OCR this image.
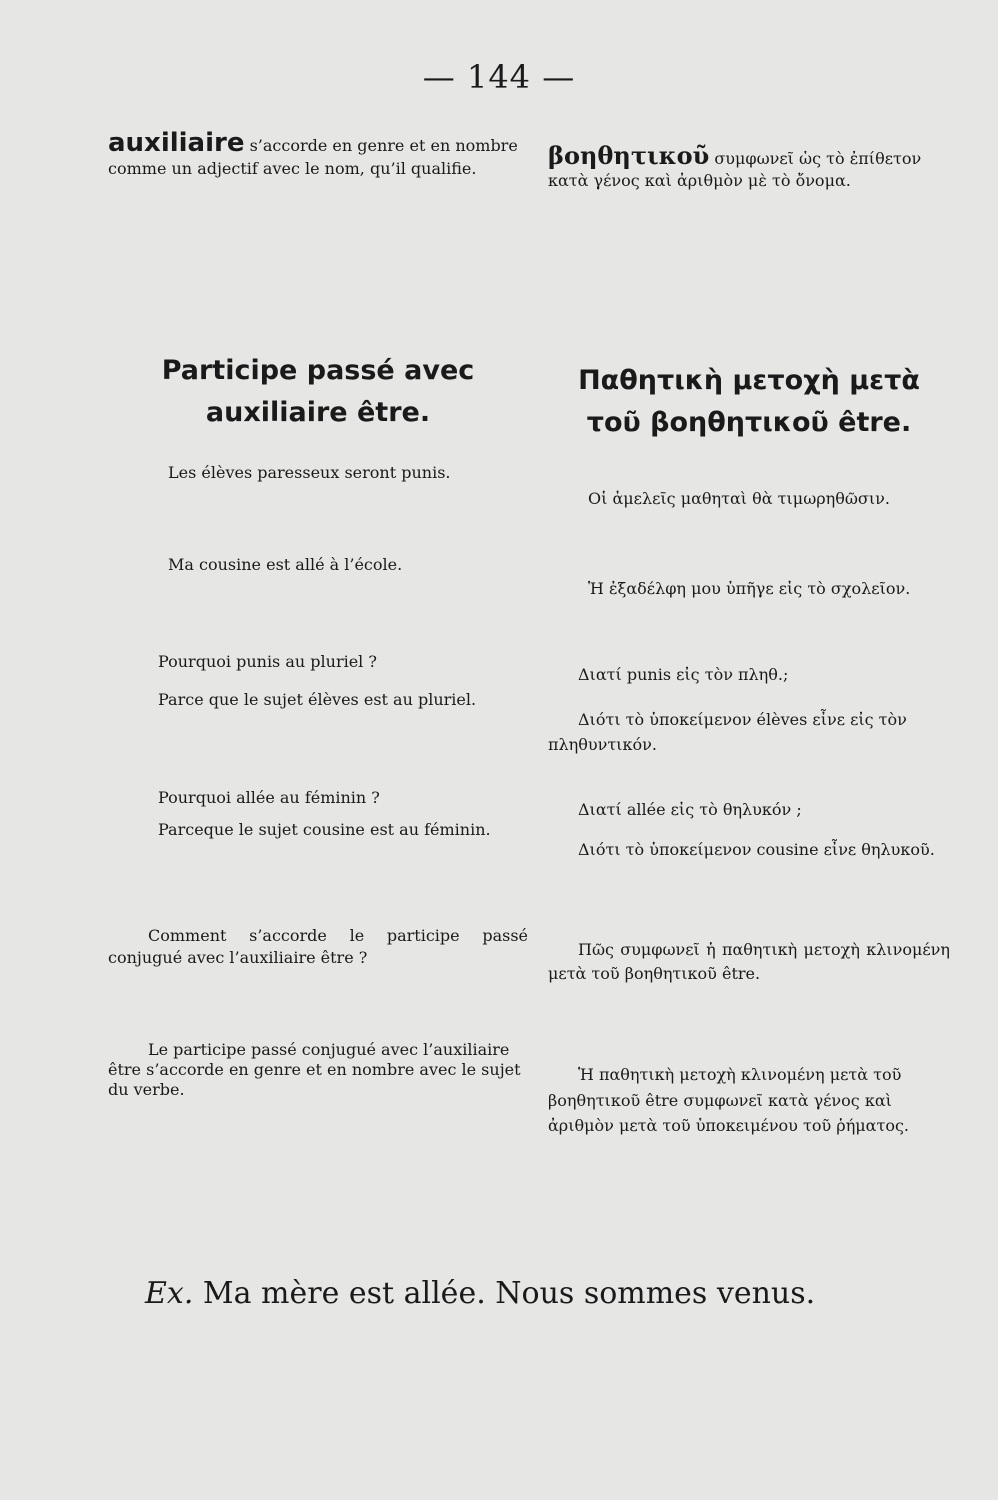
— 144 —
auxiliaire s’accorde en genre et en nombre comme un adjectif avec le nom, qu’il qualifie.	βοηθητικοῦ συμφωνεῖ ὡς τὸ ἐπίθετον κατὰ γένος καὶ ἀριθμὸν μὲ τὸ ὄνομα.
Participe passé avec auxiliaire être.
Παθητικὴ μετοχὴ μετὰ τοῦ βοηθητικοῦ être.
Les élèves paresseux seront punis.
Οἱ ἀμελεῖς μαθηταὶ θὰ τιμωρηθῶσιν.
Ma cousine est allé à l’école.
Ἡ ἐξαδέλφη μου ὑπῆγε εἰς τὸ σχολεῖον.
Pourquoi punis au pluriel ?
Διατί punis εἰς τὸν πληθ.;
Parce que le sujet élèves est au pluriel.
Διότι τὸ ὑποκείμενον élèves εἶνε εἰς τὸν πληθυντικόν.
Pourquoi allée au féminin ?
Διατί allée εἰς τὸ θηλυκόν ;
Parceque le sujet cousine est au féminin.
Διότι τὸ ὑποκείμενον cousine εἶνε θηλυκοῦ.
Comment s’accorde le participe passé conjugué avec l’auxiliaire être ?	Πῶς συμφωνεῖ ἡ παθητικὴ μετοχὴ κλινομένη μετὰ τοῦ βοηθητικοῦ être.
Le participe passé conjugué avec l’auxiliaire être s’accorde en genre et en nombre avec le sujet du verbe.
Ἡ παθητικὴ μετοχὴ κλινομένη μετὰ τοῦ βοηθητικοῦ être συμφωνεῖ κατὰ γένος καὶ ἀριθμὸν μετὰ τοῦ ὑποκειμένου τοῦ ῥήματος.
Ex. Ma mère est allée. Nous sommes venus.
